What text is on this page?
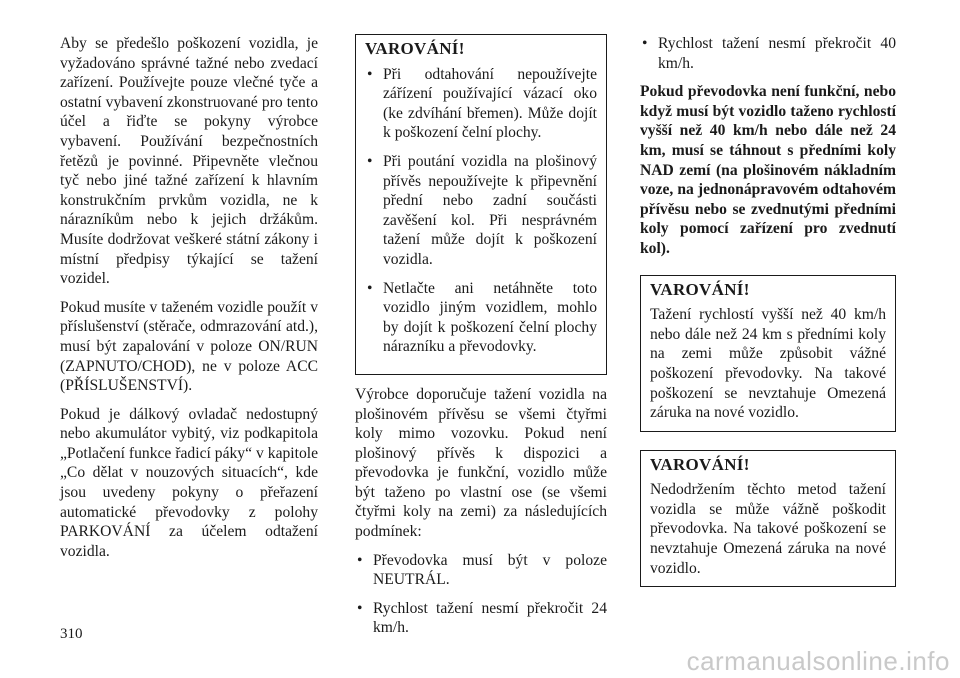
Aby se předešlo poškození vozidla, je vyžadováno správné tažné nebo zvedací zařízení. Používejte pouze vlečné tyče a ostatní vybavení zkonstruované pro tento účel a řiďte se pokyny výrobce vybavení. Používání bezpečnostních řetězů je povinné. Připevněte vlečnou tyč nebo jiné tažné zařízení k hlavním konstrukčním prvkům vozidla, ne k nárazníkům nebo k jejich držákům. Musíte dodržovat veškeré státní zákony i místní předpisy týkající se tažení vozidel.

Pokud musíte v taženém vozidle použít v příslušenství (stěrače, odmrazování atd.), musí být zapalování v poloze ON/RUN (ZAPNUTO/CHOD), ne v poloze ACC (PŘÍSLUŠENSTVÍ).

Pokud je dálkový ovladač nedostupný nebo akumulátor vybitý, viz podkapitola „Potlačení funkce řadicí páky“ v kapitole „Co dělat v nouzových situacích“, kde jsou uvedeny pokyny o přeřazení automatické převodovky z polohy PARKOVÁNÍ za účelem odtažení vozidla.

VAROVÁNÍ!
• Při odtahování nepoužívejte zářízení používající vázací oko (ke zdvíhání břemen). Může dojít k poškození čelní plochy.
• Při poutání vozidla na plošinový přívěs nepoužívejte k připevnění přední nebo zadní součásti zavěšení kol. Při nesprávném tažení může dojít k poškození vozidla.
• Netlačte ani netáhněte toto vozidlo jiným vozidlem, mohlo by dojít k poškození čelní plochy nárazníku a převodovky.

Výrobce doporučuje tažení vozidla na plošinovém přívěsu se všemi čtyřmi koly mimo vozovku. Pokud není plošinový přívěs k dispozici a převodovka je funkční, vozidlo může být taženo po vlastní ose (se všemi čtyřmi koly na zemi) za následujících podmínek:

• Převodovka musí být v poloze NEUTRÁL.
• Rychlost tažení nesmí překročit 24 km/h.
• Rychlost tažení nesmí překročit 40 km/h.

Pokud převodovka není funkční, nebo když musí být vozidlo taženo rychlostí vyšší než 40 km/h nebo dále než 24 km, musí se táhnout s předními koly NAD zemí (na plošinovém nákladním voze, na jednonápravovém odtahovém přívěsu nebo se zvednutými předními koly pomocí zařízení pro zvednutí kol).

VAROVÁNÍ!

Tažení rychlostí vyšší než 40 km/h nebo dále než 24 km s předními koly na zemi může způsobit vážné poškození převodovky. Na takové poškození se nevztahuje Omezená záruka na nové vozidlo.

VAROVÁNÍ!

Nedodržením těchto metod tažení vozidla se může vážně poškodit převodovka. Na takové poškození se nevztahuje Omezená záruka na nové vozidlo.

310
carmanualsonline.info
